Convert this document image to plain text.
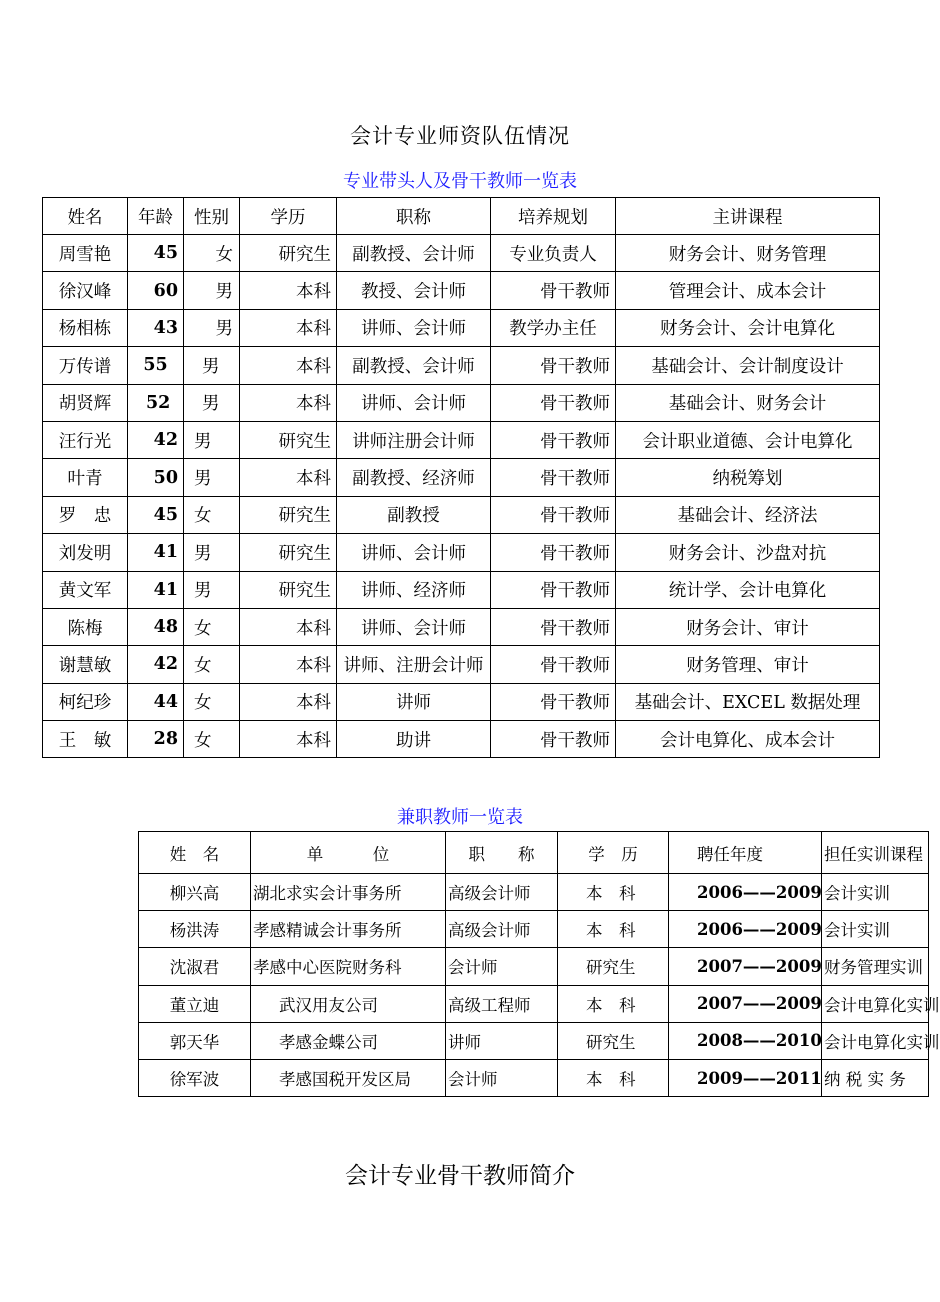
会计专业师资队伍情况
专业带头人及骨干教师一览表
姓名	年龄	性别	学历	职称	培养规划	主讲课程
周雪艳	45	女	研究生	副教授、会计师	专业负责人	财务会计、财务管理
徐汉峰	60	男	本科	教授、会计师	骨干教师	管理会计、成本会计
杨相栋	43	男	本科	讲师、会计师	教学办主任	财务会计、会计电算化
万传谱	55	男	本科	副教授、会计师	骨干教师	基础会计、会计制度设计
胡贤辉	52	男	本科	讲师、会计师	骨干教师	基础会计、财务会计
汪行光	42	男	研究生	讲师注册会计师	骨干教师	会计职业道德、会计电算化
叶青	50	男	本科	副教授、经济师	骨干教师	纳税筹划
罗　忠	45	女	研究生	副教授	骨干教师	基础会计、经济法
刘发明	41	男	研究生	讲师、会计师	骨干教师	财务会计、沙盘对抗
黄文军	41	男	研究生	讲师、经济师	骨干教师	统计学、会计电算化
陈梅	48	女	本科	讲师、会计师	骨干教师	财务会计、审计
谢慧敏	42	女	本科	讲师、注册会计师	骨干教师	财务管理、审计
柯纪珍	44	女	本科	讲师	骨干教师	基础会计、EXCEL 数据处理
王　敏	28	女	本科	助讲	骨干教师	会计电算化、成本会计
兼职教师一览表
姓　名	单　　　位	职　　称	学　历	聘任年度	担任实训课程
柳兴高	湖北求实会计事务所	高级会计师	本　科	2006——2009	会计实训
杨洪涛	孝感精诚会计事务所	高级会计师	本　科	2006——2009	会计实训
沈淑君	孝感中心医院财务科	会计师	研究生	2007——2009	财务管理实训
董立迪	武汉用友公司	高级工程师	本　科	2007——2009	会计电算化实训
郭天华	孝感金蝶公司	讲师	研究生	2008——2010	会计电算化实训
徐军波	孝感国税开发区局	会计师	本　科	2009——2011	纳 税 实 务
会计专业骨干教师简介
